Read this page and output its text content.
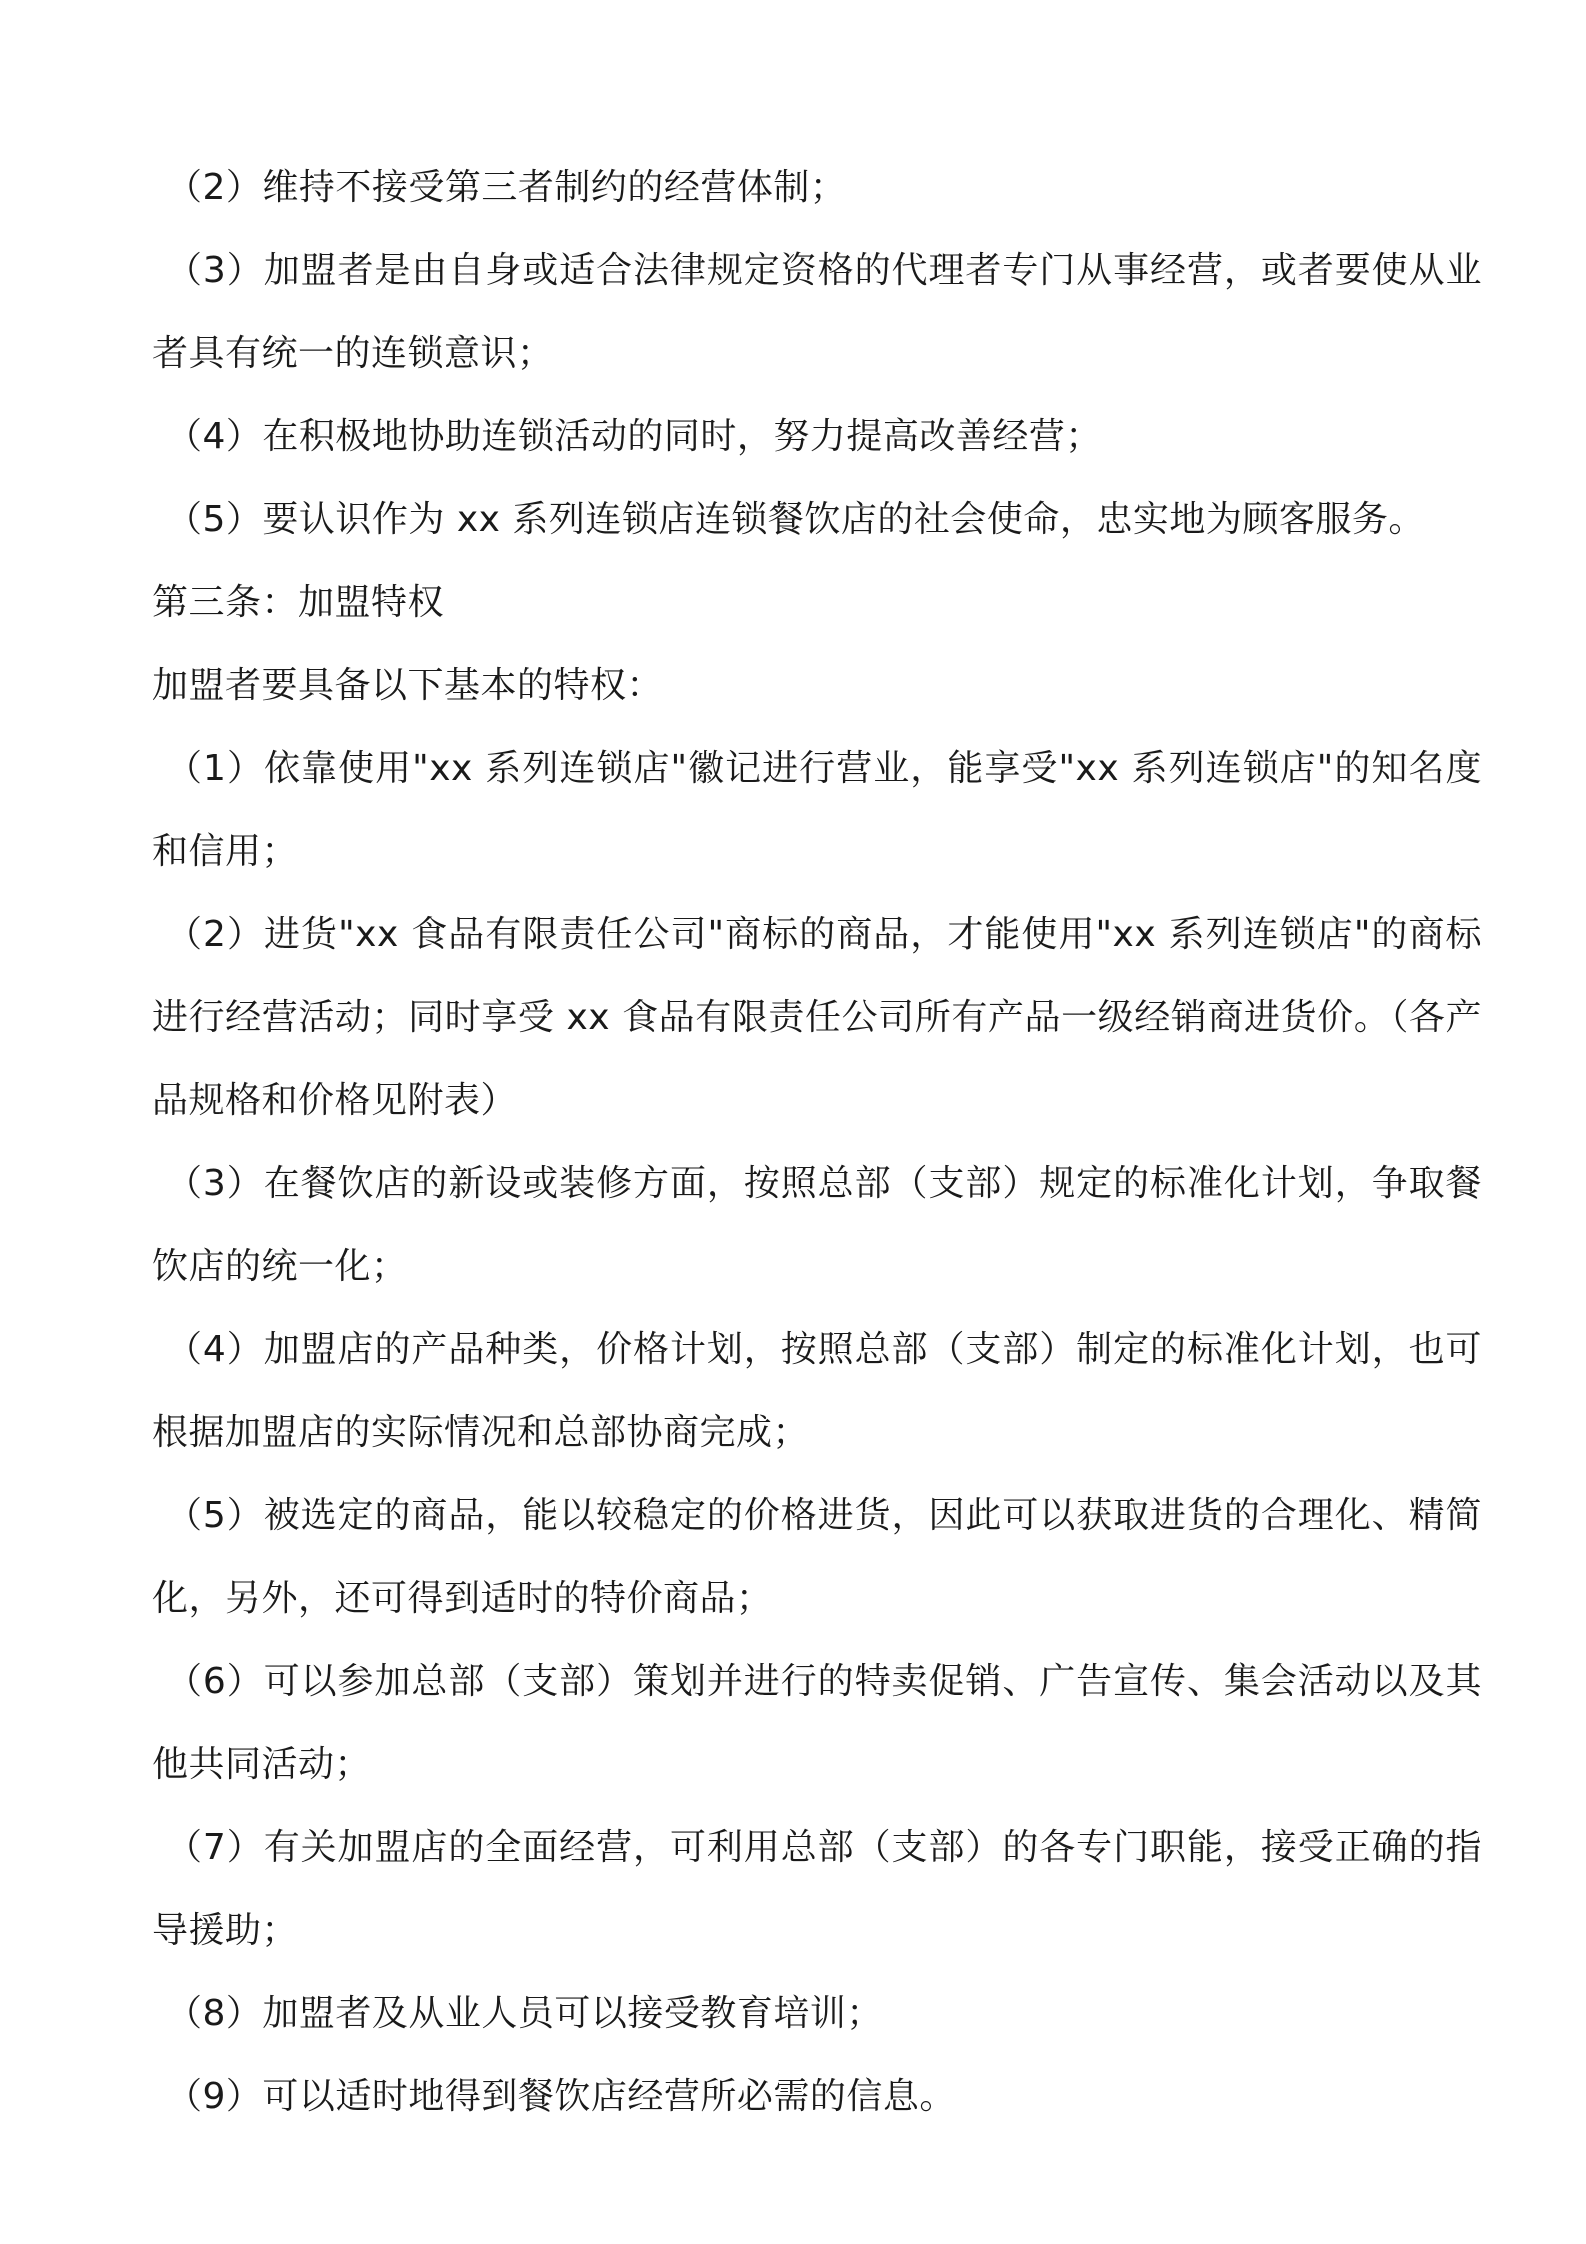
（2）维持不接受第三者制约的经营体制；

（3）加盟者是由自身或适合法律规定资格的代理者专门从事经营，或者要使从业者具有统一的连锁意识；

（4）在积极地协助连锁活动的同时，努力提高改善经营；

（5）要认识作为 xx 系列连锁店连锁餐饮店的社会使命，忠实地为顾客服务。

第三条：加盟特权

加盟者要具备以下基本的特权：

（1）依靠使用"xx 系列连锁店"徽记进行营业，能享受"xx 系列连锁店"的知名度和信用；

（2）进货"xx 食品有限责任公司"商标的商品，才能使用"xx 系列连锁店"的商标进行经营活动；同时享受 xx 食品有限责任公司所有产品一级经销商进货价。（各产品规格和价格见附表）

（3）在餐饮店的新设或装修方面，按照总部（支部）规定的标准化计划，争取餐饮店的统一化；

（4）加盟店的产品种类，价格计划，按照总部（支部）制定的标准化计划，也可根据加盟店的实际情况和总部协商完成；

（5）被选定的商品，能以较稳定的价格进货，因此可以获取进货的合理化、精简化，另外，还可得到适时的特价商品；

（6）可以参加总部（支部）策划并进行的特卖促销、广告宣传、集会活动以及其他共同活动；

（7）有关加盟店的全面经营，可利用总部（支部）的各专门职能，接受正确的指导援助；

（8）加盟者及从业人员可以接受教育培训；

（9）可以适时地得到餐饮店经营所必需的信息。
